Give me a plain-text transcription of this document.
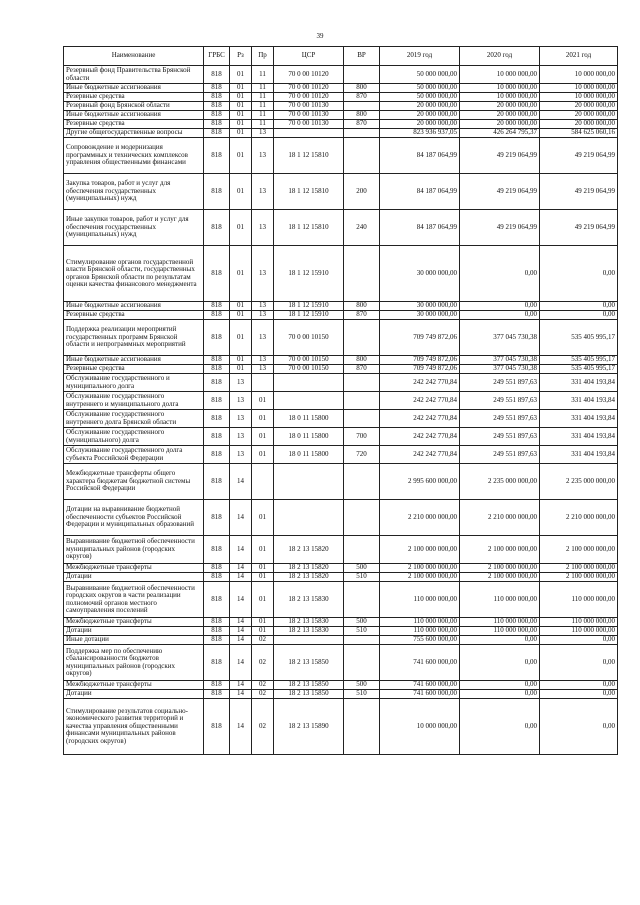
39
Наименование	ГРБС	Рз	Пр	ЦСР	ВР	2019 год	2020 год	2021 год
Резервный фонд Правительства Брянской области	818	01	11	70 0 00 10120		50 000 000,00	10 000 000,00	10 000 000,00
Иные бюджетные ассигнования	818	01	11	70 0 00 10120	800	50 000 000,00	10 000 000,00	10 000 000,00
Резервные средства	818	01	11	70 0 00 10120	870	50 000 000,00	10 000 000,00	10 000 000,00
Резервный фонд Брянской области	818	01	11	70 0 00 10130		20 000 000,00	20 000 000,00	20 000 000,00
Иные бюджетные ассигнования	818	01	11	70 0 00 10130	800	20 000 000,00	20 000 000,00	20 000 000,00
Резервные средства	818	01	11	70 0 00 10130	870	20 000 000,00	20 000 000,00	20 000 000,00
Другие общегосударственные вопросы	818	01	13			823 936 937,05	426 264 795,37	584 625 060,16
Сопровождение и модернизация программных и технических комплексов управления общественными финансами	818	01	13	18 1 12 15810		84 187 064,99	49 219 064,99	49 219 064,99
Закупка товаров, работ и услуг для обеспечения государственных (муниципальных) нужд	818	01	13	18 1 12 15810	200	84 187 064,99	49 219 064,99	49 219 064,99
Иные закупки товаров, работ и услуг для обеспечения государственных (муниципальных) нужд	818	01	13	18 1 12 15810	240	84 187 064,99	49 219 064,99	49 219 064,99
Стимулирование органов государственной власти Брянской области, государственных органов Брянской области по результатам оценки качества финансового менеджмента	818	01	13	18 1 12 15910		30 000 000,00	0,00	0,00
Иные бюджетные ассигнования	818	01	13	18 1 12 15910	800	30 000 000,00	0,00	0,00
Резервные средства	818	01	13	18 1 12 15910	870	30 000 000,00	0,00	0,00
Поддержка реализации мероприятий государственных программ Брянской области и непрограммных мероприятий	818	01	13	70 0 00 10150		709 749 872,06	377 045 730,38	535 405 995,17
Иные бюджетные ассигнования	818	01	13	70 0 00 10150	800	709 749 872,06	377 045 730,38	535 405 995,17
Резервные средства	818	01	13	70 0 00 10150	870	709 749 872,06	377 045 730,38	535 405 995,17
Обслуживание государственного и муниципального долга	818	13				242 242 770,84	249 551 897,63	331 404 193,84
Обслуживание государственного внутреннего и муниципального долга	818	13	01			242 242 770,84	249 551 897,63	331 404 193,84
Обслуживание государственного внутреннего долга Брянской области	818	13	01	18 0 11 15800		242 242 770,84	249 551 897,63	331 404 193,84
Обслуживание государственного (муниципального) долга	818	13	01	18 0 11 15800	700	242 242 770,84	249 551 897,63	331 404 193,84
Обслуживание государственного долга субъекта Российской Федерации	818	13	01	18 0 11 15800	720	242 242 770,84	249 551 897,63	331 404 193,84
Межбюджетные трансферты общего характера бюджетам бюджетной системы Российской Федерации	818	14				2 995 600 000,00	2 235 000 000,00	2 235 000 000,00
Дотации на выравнивание бюджетной обеспеченности субъектов Российской Федерации и муниципальных образований	818	14	01			2 210 000 000,00	2 210 000 000,00	2 210 000 000,00
Выравнивание бюджетной обеспеченности муниципальных районов (городских округов)	818	14	01	18 2 13 15820		2 100 000 000,00	2 100 000 000,00	2 100 000 000,00
Межбюджетные трансферты	818	14	01	18 2 13 15820	500	2 100 000 000,00	2 100 000 000,00	2 100 000 000,00
Дотации	818	14	01	18 2 13 15820	510	2 100 000 000,00	2 100 000 000,00	2 100 000 000,00
Выравнивание бюджетной обеспеченности городских округов в части реализации полномочий органов местного самоуправления поселений	818	14	01	18 2 13 15830		110 000 000,00	110 000 000,00	110 000 000,00
Межбюджетные трансферты	818	14	01	18 2 13 15830	500	110 000 000,00	110 000 000,00	110 000 000,00
Дотации	818	14	01	18 2 13 15830	510	110 000 000,00	110 000 000,00	110 000 000,00
Иные дотации	818	14	02			755 600 000,00	0,00	0,00
Поддержка мер по обеспечению сбалансированности бюджетов муниципальных районов (городских округов)	818	14	02	18 2 13 15850		741 600 000,00	0,00	0,00
Межбюджетные трансферты	818	14	02	18 2 13 15850	500	741 600 000,00	0,00	0,00
Дотации	818	14	02	18 2 13 15850	510	741 600 000,00	0,00	0,00
Стимулирование результатов социально-экономического развития территорий и качества управления общественными финансами муниципальных районов (городских округов)	818	14	02	18 2 13 15890		10 000 000,00	0,00	0,00
